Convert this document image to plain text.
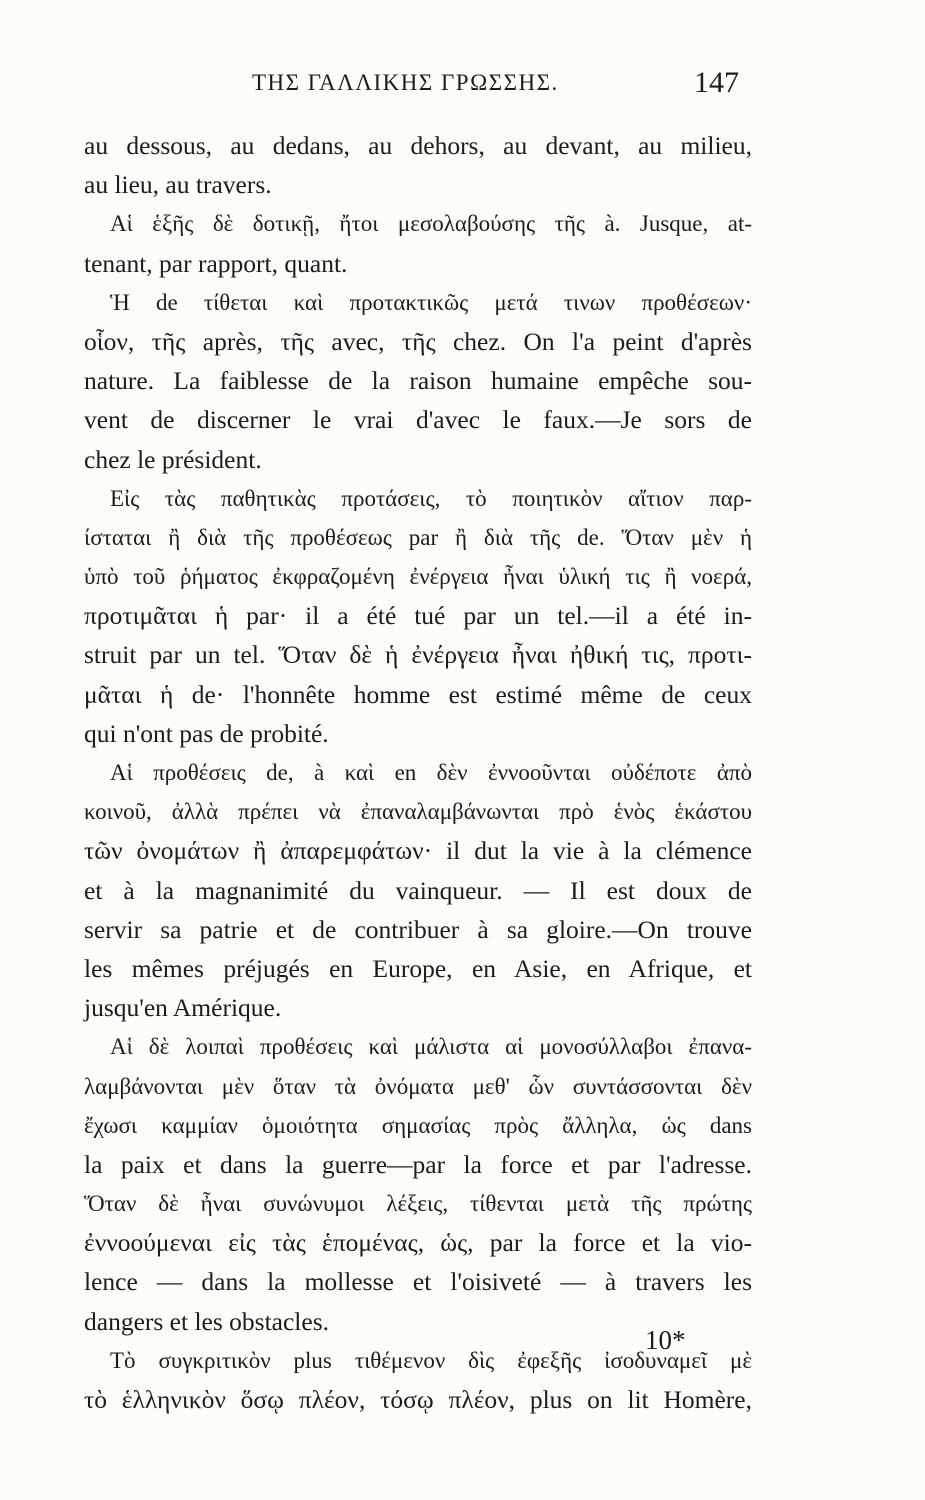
ΤΗΣ ΓΑΛΛΙΚΗΣ ΓΡΩΣΣΗΣ.	147
au dessous, au dedans, au dehors, au devant, au milieu,
au lieu, au travers.
Αἱ ἑξῆς δὲ δοτικῇ, ἤτοι μεσολαβούσης τῆς à. Jusque, at-
tenant, par rapport, quant.
Ἡ de τίθεται καὶ προτακτικῶς μετά τινων προθέσεων·
οἷον, τῆς après, τῆς avec, τῆς chez. On l'a peint d'après
nature. La faiblesse de la raison humaine empêche sou-
vent de discerner le vrai d'avec le faux.—Je sors de
chez le président.
Εἰς τὰς παθητικὰς προτάσεις, τὸ ποιητικὸν αἴτιον παρ-
ίσταται ἢ διὰ τῆς προθέσεως par ἢ διὰ τῆς de. Ὅταν μὲν ἡ
ὑπὸ τοῦ ῥήματος ἐκφραζομένη ἐνέργεια ἦναι ὑλική τις ἢ νοερά,
προτιμᾶται ἡ par· il a été tué par un tel.—il a été in-
struit par un tel. Ὅταν δὲ ἡ ἐνέργεια ἦναι ἠθική τις, προτι-
μᾶται ἡ de· l'honnête homme est estimé même de ceux
qui n'ont pas de probité.
Αἱ προθέσεις de, à καὶ en δὲν ἐννοοῦνται οὐδέποτε ἀπὸ
κοινοῦ, ἀλλὰ πρέπει νὰ ἐπαναλαμβάνωνται πρὸ ἑνὸς ἑκάστου
τῶν ὀνομάτων ἢ ἀπαρεμφάτων· il dut la vie à la clémence
et à la magnanimité du vainqueur. — Il est doux de
servir sa patrie et de contribuer à sa gloire.—On trouve
les mêmes préjugés en Europe, en Asie, en Afrique, et
jusqu'en Amérique.
Αἱ δὲ λοιπαὶ προθέσεις καὶ μάλιστα αἱ μονοσύλλαβοι ἐπανα-
λαμβάνονται μὲν ὅταν τὰ ὀνόματα μεθ' ὧν συντάσσονται δὲν
ἔχωσι καμμίαν ὁμοιότητα σημασίας πρὸς ἄλληλα, ὡς dans
la paix et dans la guerre—par la force et par l'adresse.
Ὅταν δὲ ἦναι συνώνυμοι λέξεις, τίθενται μετὰ τῆς πρώτης
ἐννοούμεναι εἰς τὰς ἑπομένας, ὡς, par la force et la vio-
lence — dans la mollesse et l'oisiveté — à travers les
dangers et les obstacles.
Τὸ συγκριτικὸν plus τιθέμενον δὶς ἐφεξῆς ἰσοδυναμεῖ μὲ
τὸ ἑλληνικὸν ὅσῳ πλέον, τόσῳ πλέον, plus on lit Homère,
10*
